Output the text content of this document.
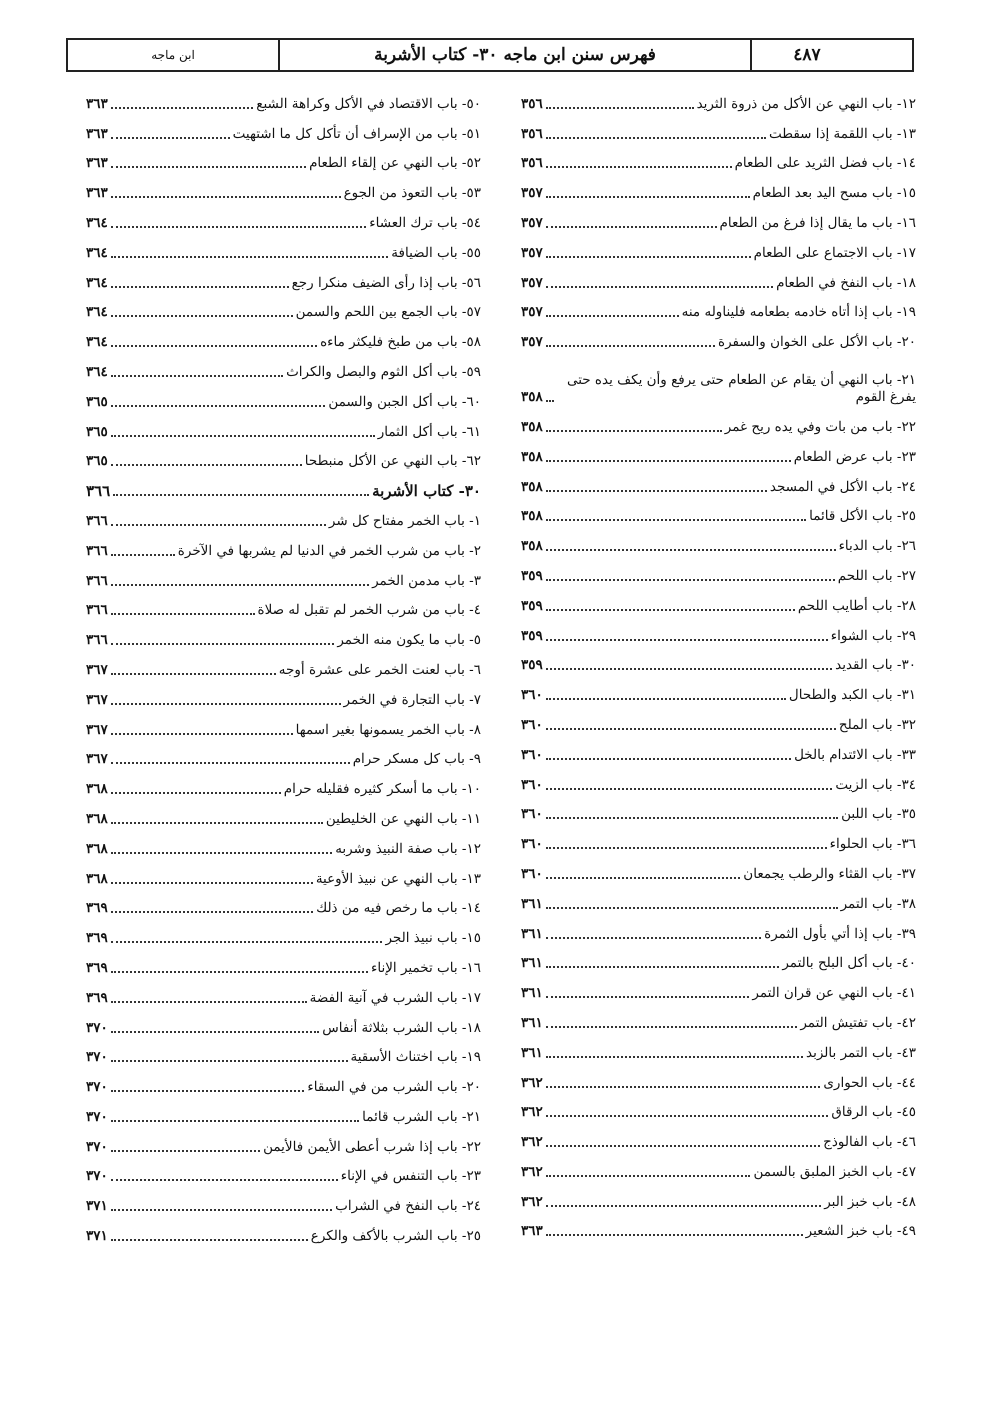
ابن ماجه	فهرس سنن ابن ماجه ٣٠- كتاب الأشربة	٤٨٧
١٢- باب النهي عن الأكل من ذروة الثريد
٣٥٦
١٣- باب اللقمة إذا سقطت
٣٥٦
١٤- باب فضل الثريد على الطعام
٣٥٦
١٥- باب مسح اليد بعد الطعام
٣٥٧
١٦- باب ما يقال إذا فرغ من الطعام
٣٥٧
١٧- باب الاجتماع على الطعام
٣٥٧
١٨- باب النفخ في الطعام
٣٥٧
١٩- باب إذا أتاه خادمه بطعامه فليناوله منه
٣٥٧
٢٠- باب الأكل على الخوان والسفرة
٣٥٧
٢١- باب النهي أن يقام عن الطعام حتى يرفع وأن يكف يده حتى يفرغ القوم
٣٥٨
٢٢- باب من بات وفي يده ريح غمر
٣٥٨
٢٣- باب عرض الطعام
٣٥٨
٢٤- باب الأكل في المسجد
٣٥٨
٢٥- باب الأكل قائما
٣٥٨
٢٦- باب الدباء
٣٥٨
٢٧- باب اللحم
٣٥٩
٢٨- باب أطايب اللحم
٣٥٩
٢٩- باب الشواء
٣٥٩
٣٠- باب القديد
٣٥٩
٣١- باب الكبد والطحال
٣٦٠
٣٢- باب الملح
٣٦٠
٣٣- باب الائتدام بالخل
٣٦٠
٣٤- باب الزيت
٣٦٠
٣٥- باب اللبن
٣٦٠
٣٦- باب الحلواء
٣٦٠
٣٧- باب القثاء والرطب يجمعان
٣٦٠
٣٨- باب التمر
٣٦١
٣٩- باب إذا أتي بأول الثمرة
٣٦١
٤٠- باب أكل البلح بالتمر
٣٦١
٤١- باب النهي عن قران التمر
٣٦١
٤٢- باب تفتيش التمر
٣٦١
٤٣- باب التمر بالزبد
٣٦١
٤٤- باب الحوارى
٣٦٢
٤٥- باب الرقاق
٣٦٢
٤٦- باب الفالوذج
٣٦٢
٤٧- باب الخبز الملبق بالسمن
٣٦٢
٤٨- باب خبز البر
٣٦٢
٤٩- باب خبز الشعير
٣٦٣
٥٠- باب الاقتصاد في الأكل وكراهة الشبع
٣٦٣
٥١- باب من الإسراف أن تأكل كل ما اشتهيت
٣٦٣
٥٢- باب النهي عن إلقاء الطعام
٣٦٣
٥٣- باب التعوذ من الجوع
٣٦٣
٥٤- باب ترك العشاء
٣٦٤
٥٥- باب الضيافة
٣٦٤
٥٦- باب إذا رأى الضيف منكرا رجع
٣٦٤
٥٧- باب الجمع بين اللحم والسمن
٣٦٤
٥٨- باب من طبخ فليكثر ماءه
٣٦٤
٥٩- باب أكل الثوم والبصل والكراث
٣٦٤
٦٠- باب أكل الجبن والسمن
٣٦٥
٦١- باب أكل الثمار
٣٦٥
٦٢- باب النهي عن الأكل منبطحا
٣٦٥
٣٠- كتاب الأشربة
٣٦٦
١- باب الخمر مفتاح كل شر
٣٦٦
٢- باب من شرب الخمر في الدنيا لم يشربها في الآخرة
٣٦٦
٣- باب مدمن الخمر
٣٦٦
٤- باب من شرب الخمر لم تقبل له صلاة
٣٦٦
٥- باب ما يكون منه الخمر
٣٦٦
٦- باب لعنت الخمر على عشرة أوجه
٣٦٧
٧- باب التجارة في الخمر
٣٦٧
٨- باب الخمر يسمونها بغير اسمها
٣٦٧
٩- باب كل مسكر حرام
٣٦٧
١٠- باب ما أسكر كثيره فقليله حرام
٣٦٨
١١- باب النهي عن الخليطين
٣٦٨
١٢- باب صفة النبيذ وشربه
٣٦٨
١٣- باب النهي عن نبيذ الأوعية
٣٦٨
١٤- باب ما رخص فيه من ذلك
٣٦٩
١٥- باب نبيذ الجر
٣٦٩
١٦- باب تخمير الإناء
٣٦٩
١٧- باب الشرب في آنية الفضة
٣٦٩
١٨- باب الشرب بثلاثة أنفاس
٣٧٠
١٩- باب اختناث الأسقية
٣٧٠
٢٠- باب الشرب من في السقاء
٣٧٠
٢١- باب الشرب قائما
٣٧٠
٢٢- باب إذا شرب أعطى الأيمن فالأيمن
٣٧٠
٢٣- باب التنفس في الإناء
٣٧٠
٢٤- باب النفخ في الشراب
٣٧١
٢٥- باب الشرب بالأكف والكرع
٣٧١
